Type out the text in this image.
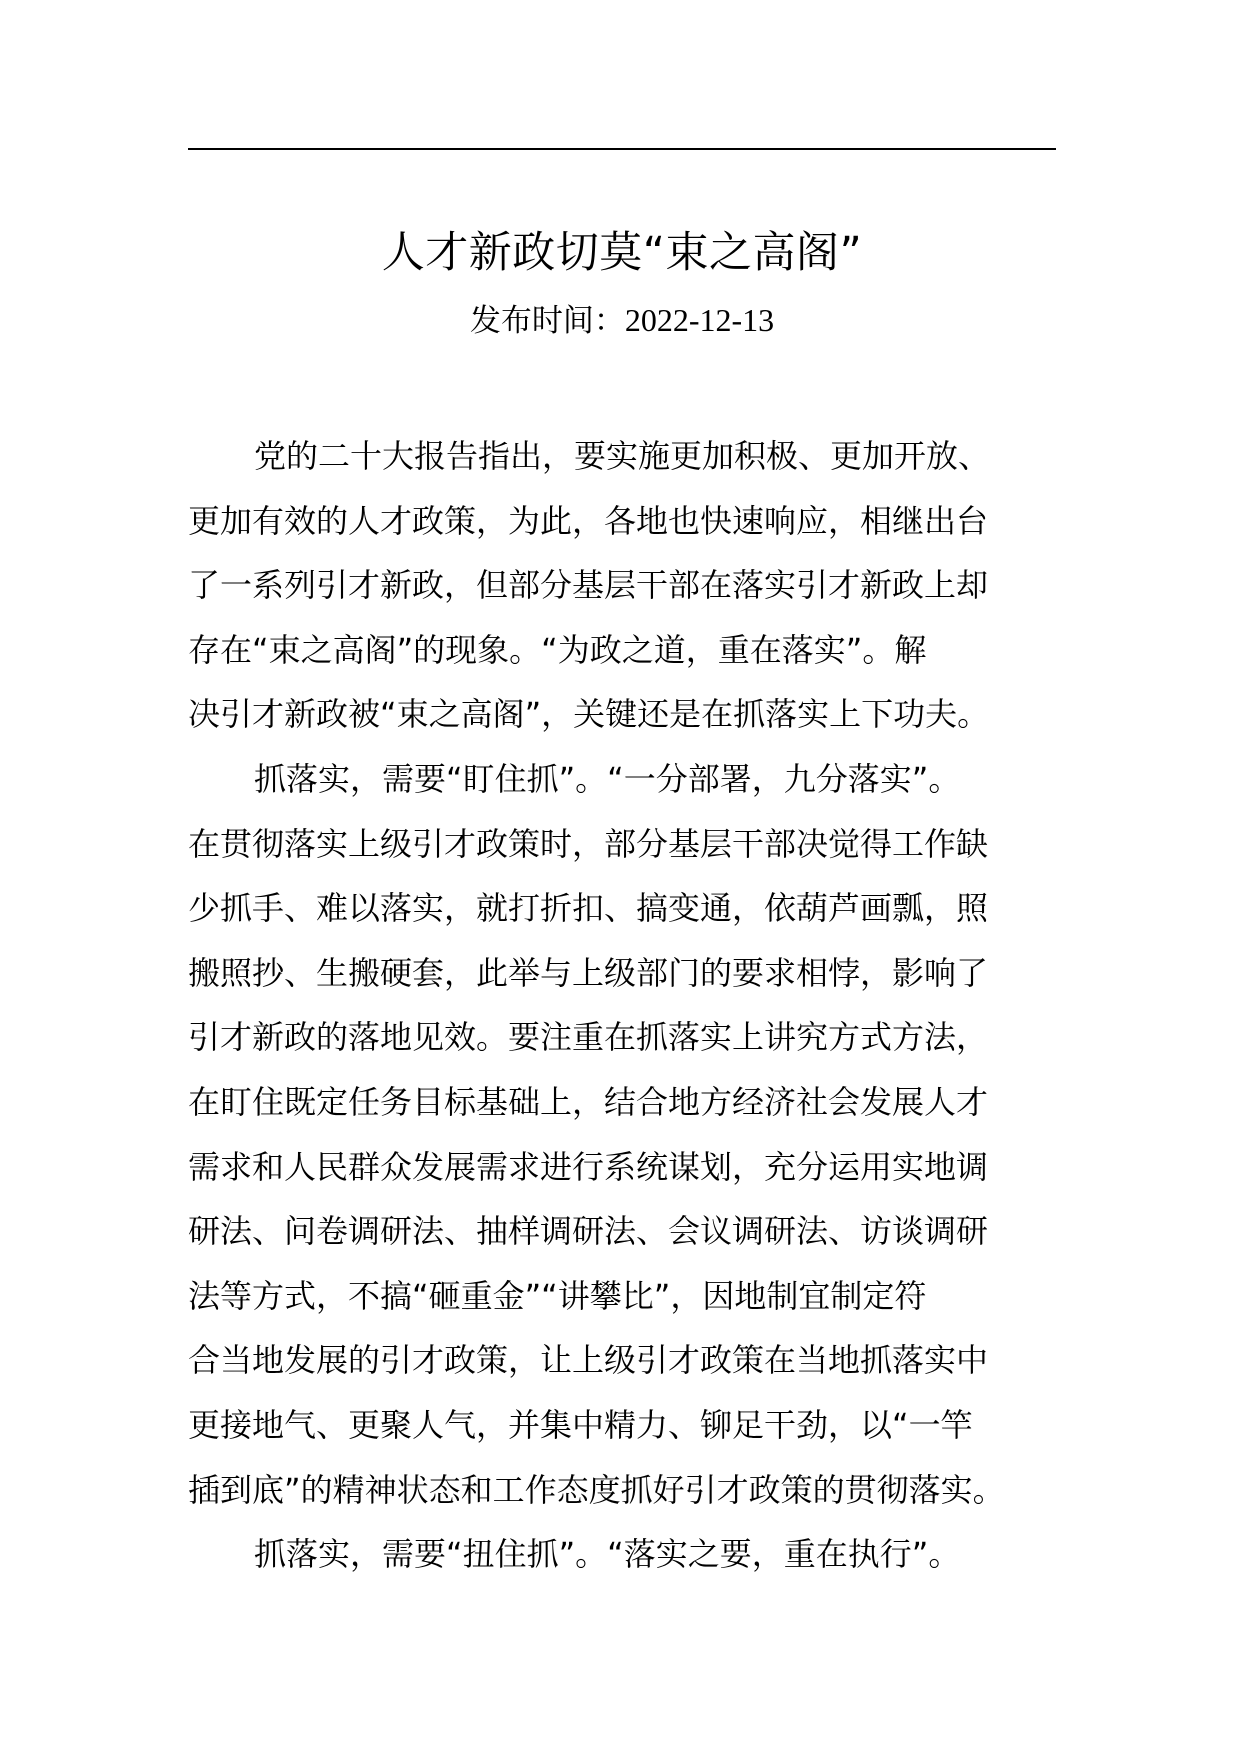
人才新政切莫“束之高阁”
发布时间：2022-12-13
党的二十大报告指出，要实施更加积极、更加开放、
更加有效的人才政策，为此，各地也快速响应，相继出台
了一系列引才新政，但部分基层干部在落实引才新政上却
存在“束之高阁”的现象。“为政之道，重在落实”。解
决引才新政被“束之高阁”，关键还是在抓落实上下功夫。
抓落实，需要“盯住抓”。“一分部署，九分落实”。
在贯彻落实上级引才政策时，部分基层干部决觉得工作缺
少抓手、难以落实，就打折扣、搞变通，依葫芦画瓢，照
搬照抄、生搬硬套，此举与上级部门的要求相悖，影响了
引才新政的落地见效。要注重在抓落实上讲究方式方法，
在盯住既定任务目标基础上，结合地方经济社会发展人才
需求和人民群众发展需求进行系统谋划，充分运用实地调
研法、问卷调研法、抽样调研法、会议调研法、访谈调研
法等方式，不搞“砸重金”“讲攀比”，因地制宜制定符
合当地发展的引才政策，让上级引才政策在当地抓落实中
更接地气、更聚人气，并集中精力、铆足干劲，以“一竿
插到底”的精神状态和工作态度抓好引才政策的贯彻落实。
抓落实，需要“扭住抓”。“落实之要，重在执行”。
